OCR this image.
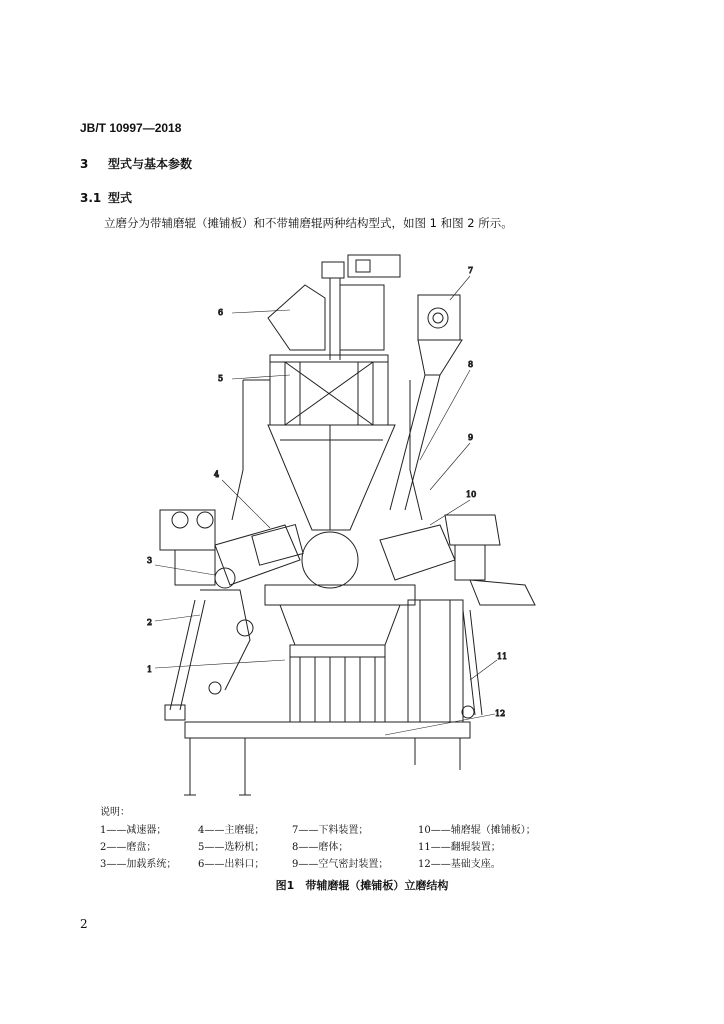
JB/T 10997—2018
3 型式与基本参数
3.1 型式
立磨分为带辅磨辊（摊铺板）和不带辅磨辊两种结构型式，如图 1 和图 2 所示。
6
5
4
3
2
1
7
8
9
10
11
12
说明：
1——减速器；	4——主磨辊；	7——下料装置；	10——辅磨辊（摊铺板）；
2——磨盘；	5——选粉机；	8——磨体；	11——翻辊装置；
3——加载系统； 6——出料口；	9——空气密封装置；	12——基础支座。
图1　带辅磨辊（摊铺板）立磨结构
2
